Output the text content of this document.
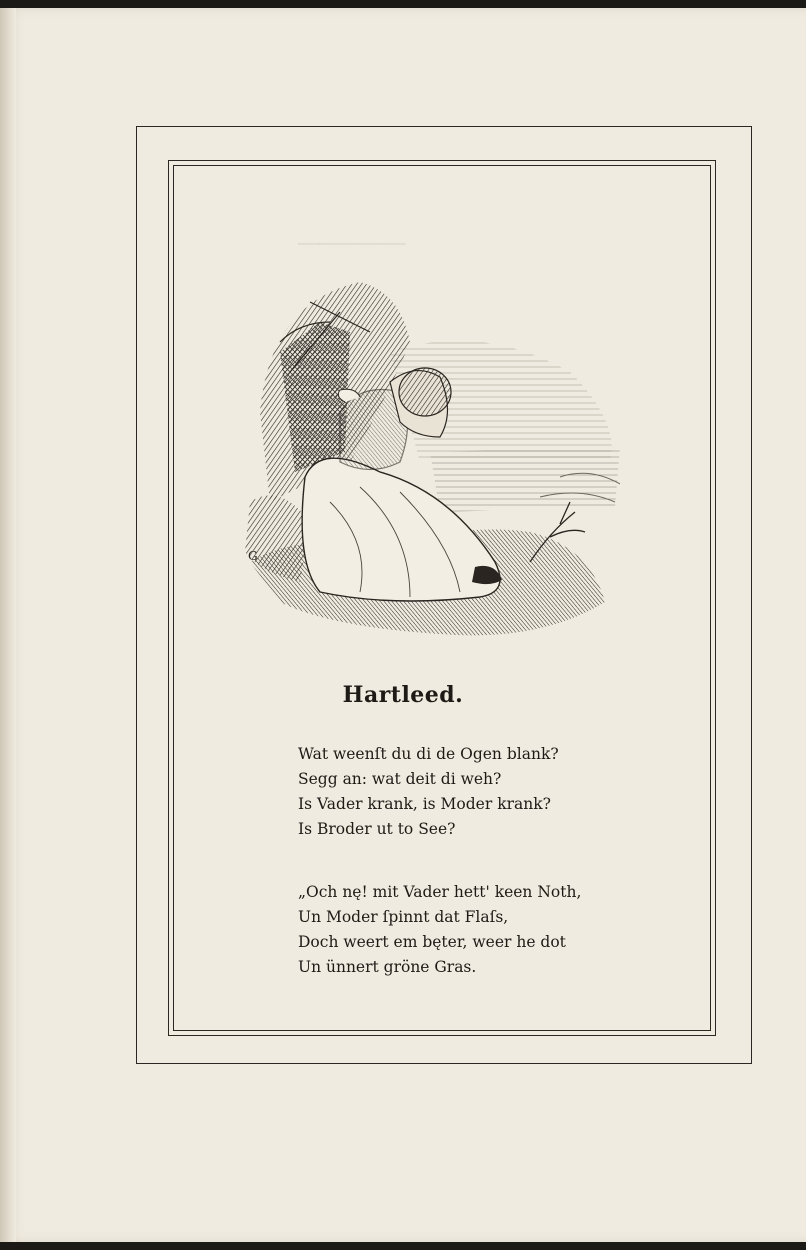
G
▔▔▔▔▔▔▔▔▔▔
Hartleed.
Wat weenſt du di de Ogen blank?
Segg an: wat deit di weh?
Is Vader krank, is Moder krank?
Is Broder ut to See?
„Och nę! mit Vader hett' keen Noth,
Un Moder ſpinnt dat Flaſs,
Doch weert em bęter, weer he dot
Un ünnert gröne Gras.
